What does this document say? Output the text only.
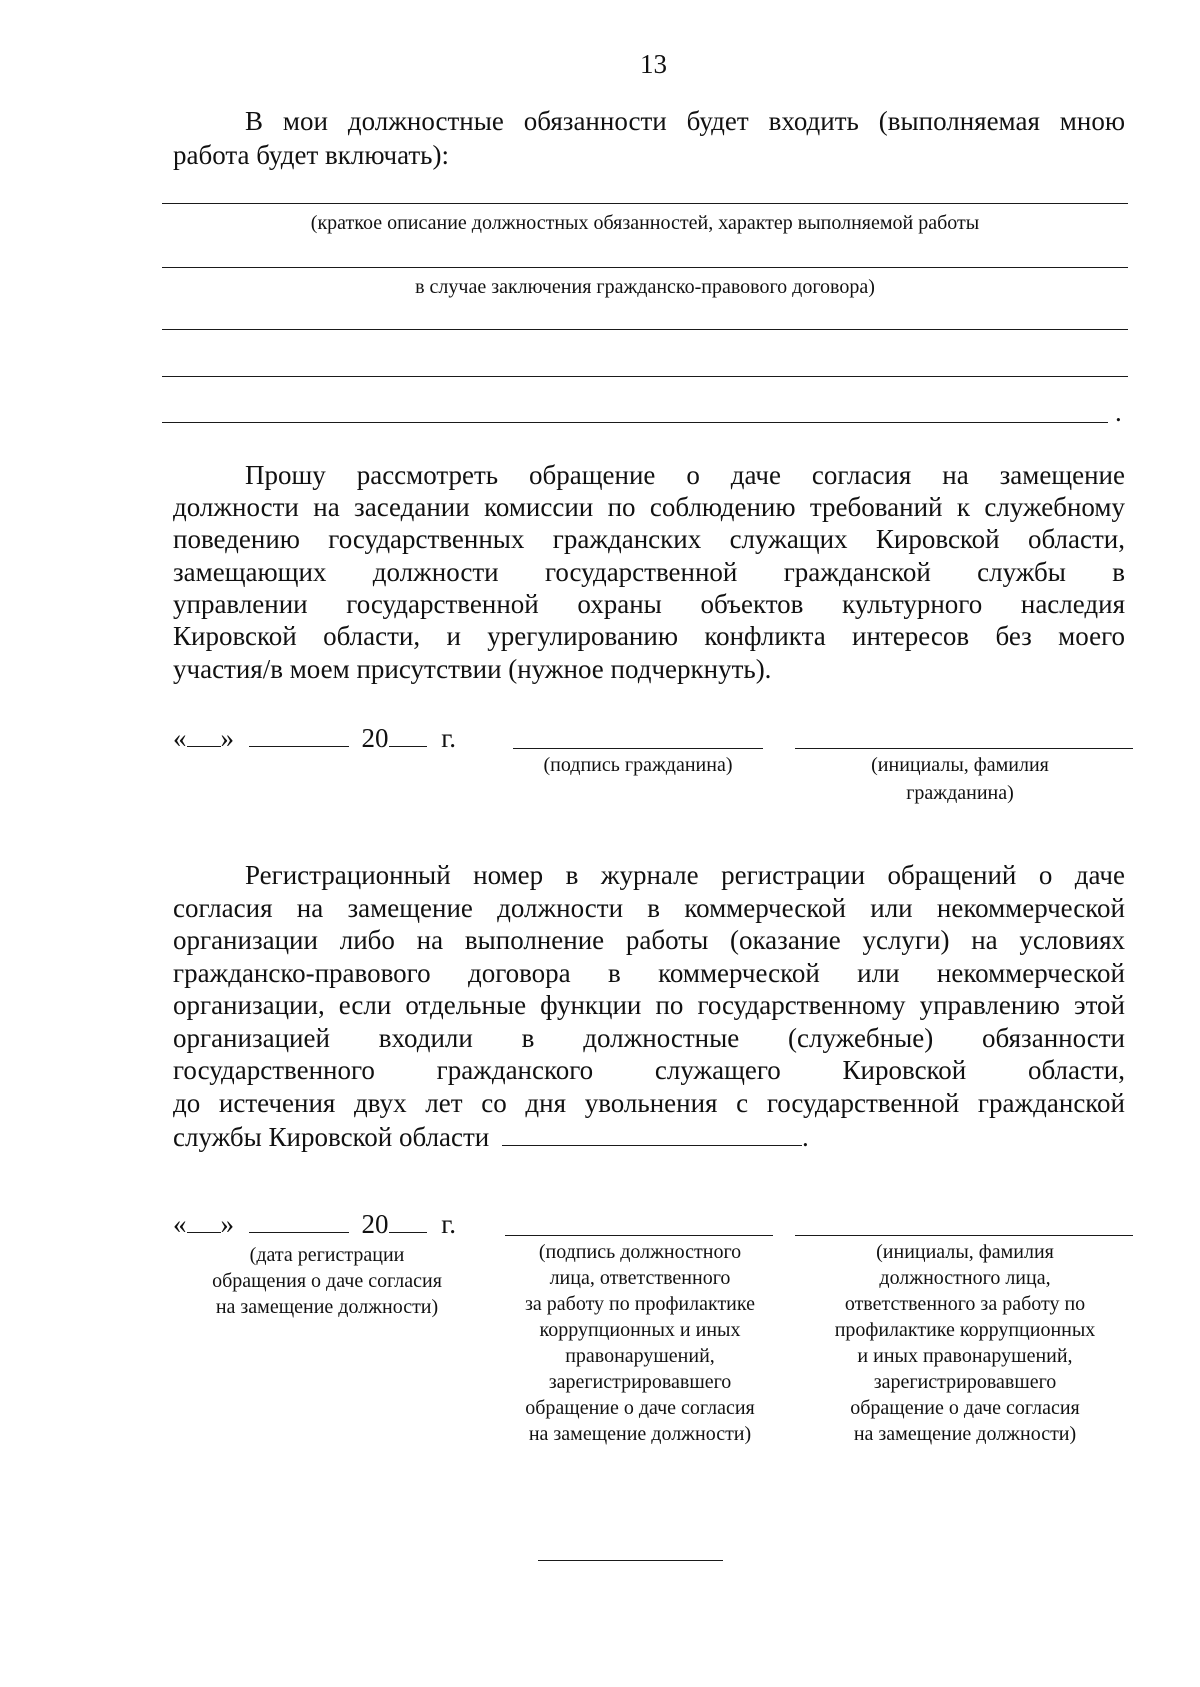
13
В мои должностные обязанности будет входить (выполняемая мною
работа будет включать):
(краткое описание должностных обязанностей, характер выполняемой работы
в случае заключения гражданско-правового договора)
.
Прошу рассмотреть обращение о даче согласия на замещение
должности на заседании комиссии по соблюдению требований к служебному
поведению государственных гражданских служащих Кировской области,
замещающих должности государственной гражданской службы в
управлении государственной охраны объектов культурного наследия
Кировской области, и урегулированию конфликта интересов без моего
участия/в моем присутствии (нужное подчеркнуть).
« »	20 г.
(подпись гражданина)	(инициалы, фамилия
гражданина)
Регистрационный номер в журнале регистрации обращений о даче
согласия на замещение должности в коммерческой или некоммерческой
организации либо на выполнение работы (оказание услуги) на условиях
гражданско-правового договора в коммерческой или некоммерческой
организации, если отдельные функции по государственному управлению этой
организацией входили в должностные (служебные) обязанности
государственного гражданского служащего Кировской области,
до истечения двух лет со дня увольнения с государственной гражданской
службы Кировской области	.
« »	20 г.
(дата регистрации
обращения о даче согласия
на замещение должности)
(подпись должностного
лица, ответственного
за работу по профилактике
коррупционных и иных
правонарушений,
зарегистрировавшего
обращение о даче согласия
на замещение должности)
(инициалы, фамилия
должностного лица,
ответственного за работу по
профилактике коррупционных
и иных правонарушений,
зарегистрировавшего
обращение о даче согласия
на замещение должности)
